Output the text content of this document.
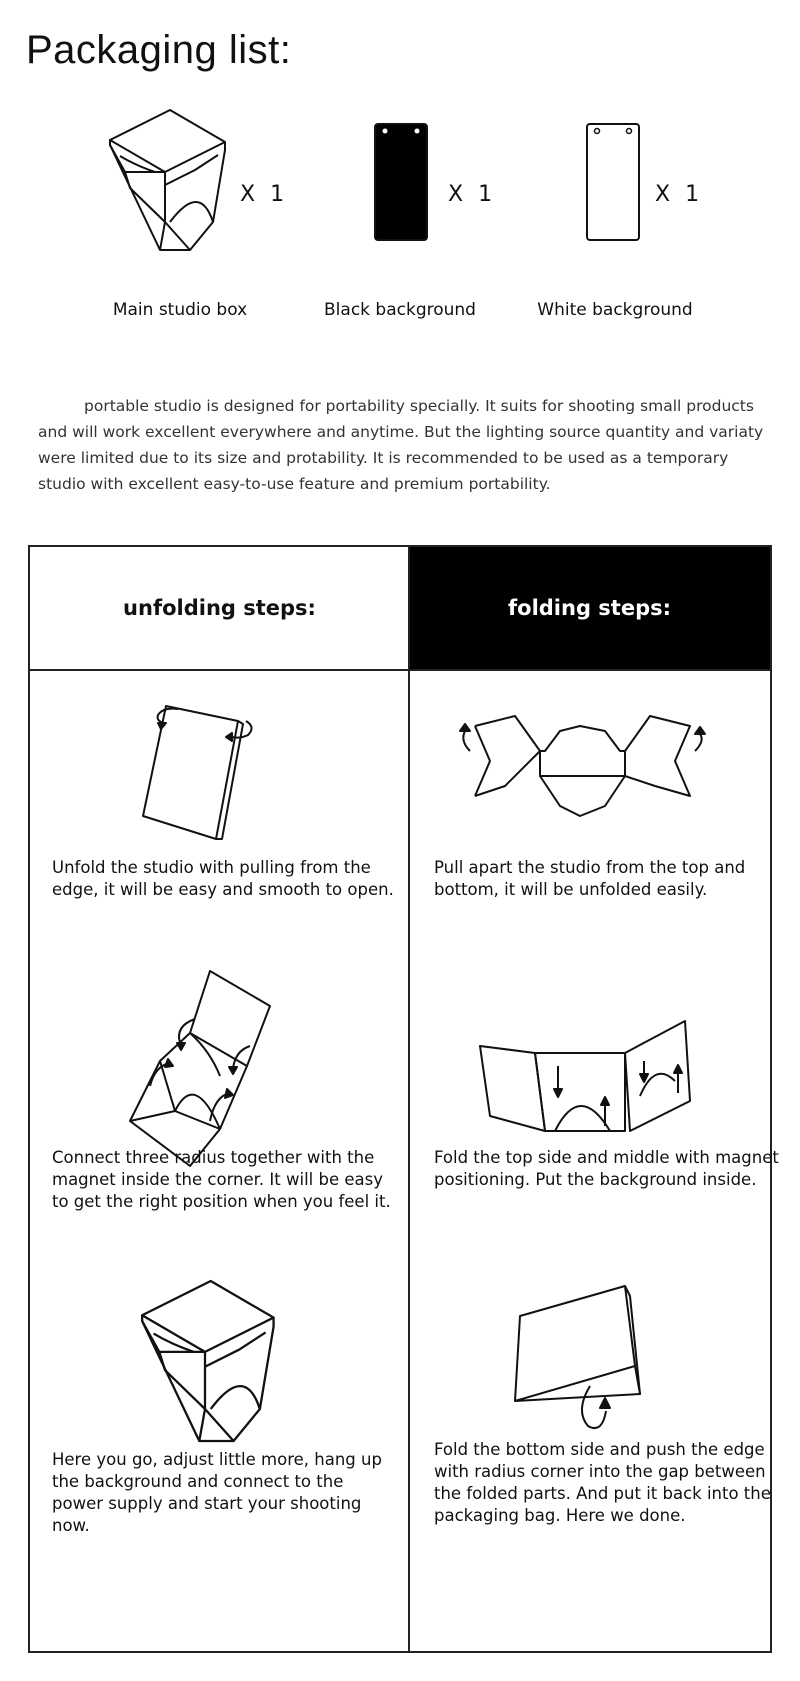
Packaging list:
X 1
Main studio box
X 1
Black background
X 1
White background
portable studio is designed for portability specially. It suits for shooting small products and will work excellent everywhere and anytime. But the lighting source quantity and variaty were limited due to its size and protability. It is recommended to be used as a temporary studio with excellent easy-to-use feature and premium portability.
unfolding steps:	folding steps:
Unfold the studio with pulling from the edge, it will be easy and smooth to open.
Connect three radius together with the magnet inside the corner. It will be easy to get the right position when you feel it.
Here you go, adjust little more, hang up the background and connect to the power supply and start your shooting now.
Pull apart the studio from the top and bottom, it will be unfolded easily.
Fold the top side and middle with magnet positioning. Put the background inside.
Fold the bottom side and push the edge with radius corner into the gap between the folded parts. And put it back into the packaging bag. Here we done.
